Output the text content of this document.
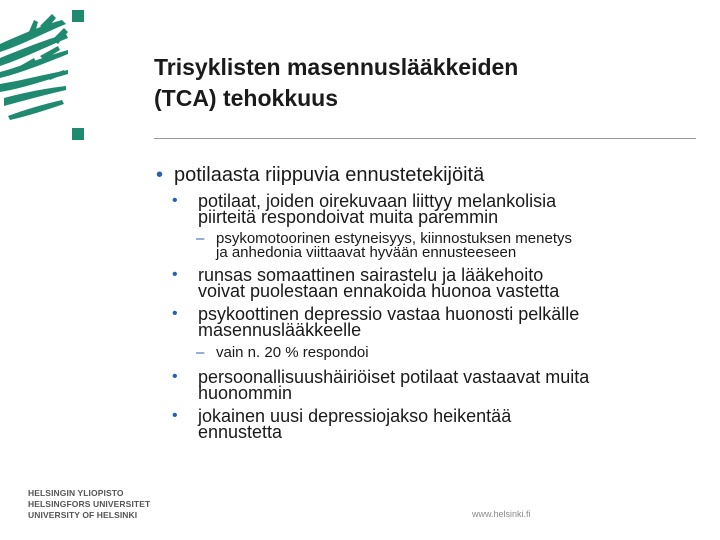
Trisyklisten masennuslääkkeiden
(TCA) tehokkuus
• potilaasta riippuvia ennustetekijöitä
•	potilaat, joiden oirekuvaan liittyy melankolisia
piirteitä respondoivat muita paremmin
– psykomotoorinen estyneisyys, kiinnostuksen menetys
ja anhedonia viittaavat hyvään ennusteeseen
•	runsas somaattinen sairastelu ja lääkehoito
voivat puolestaan ennakoida huonoa vastetta
•	psykoottinen depressio vastaa huonosti pelkälle
masennuslääkkeelle
– vain n. 20 % respondoi
•	persoonallisuushäiriöiset potilaat vastaavat muita
huonommin
•	jokainen uusi depressiojakso heikentää
ennustetta
HELSINGIN YLIOPISTO
HELSINGFORS UNIVERSITET
UNIVERSITY OF HELSINKI	www.helsinki.fi
